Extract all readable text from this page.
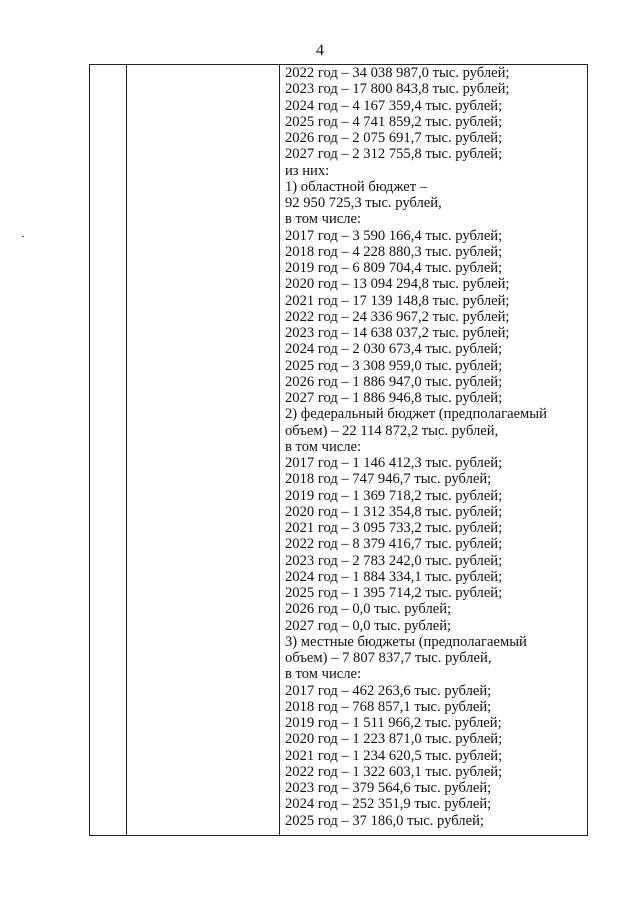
4
2022 год – 34 038 987,0 тыс. рублей;
2023 год – 17 800 843,8 тыс. рублей;
2024 год – 4 167 359,4 тыс. рублей;
2025 год – 4 741 859,2 тыс. рублей;
2026 год – 2 075 691,7 тыс. рублей;
2027 год – 2 312 755,8 тыс. рублей;
из них:
1) областной бюджет –
92 950 725,3 тыс. рублей,
в том числе:
2017 год – 3 590 166,4 тыс. рублей;
2018 год – 4 228 880,3 тыс. рублей;
2019 год – 6 809 704,4 тыс. рублей;
2020 год – 13 094 294,8 тыс. рублей;
2021 год – 17 139 148,8 тыс. рублей;
2022 год – 24 336 967,2 тыс. рублей;
2023 год – 14 638 037,2 тыс. рублей;
2024 год – 2 030 673,4 тыс. рублей;
2025 год – 3 308 959,0 тыс. рублей;
2026 год – 1 886 947,0 тыс. рублей;
2027 год – 1 886 946,8 тыс. рублей;
2) федеральный бюджет (предполагаемый
объем) – 22 114 872,2 тыс. рублей,
в том числе:
2017 год – 1 146 412,3 тыс. рублей;
2018 год – 747 946,7 тыс. рублей;
2019 год – 1 369 718,2 тыс. рублей;
2020 год – 1 312 354,8 тыс. рублей;
2021 год – 3 095 733,2 тыс. рублей;
2022 год – 8 379 416,7 тыс. рублей;
2023 год – 2 783 242,0 тыс. рублей;
2024 год – 1 884 334,1 тыс. рублей;
2025 год – 1 395 714,2 тыс. рублей;
2026 год – 0,0 тыс. рублей;
2027 год – 0,0 тыс. рублей;
3) местные бюджеты (предполагаемый
объем) – 7 807 837,7 тыс. рублей,
в том числе:
2017 год – 462 263,6 тыс. рублей;
2018 год – 768 857,1 тыс. рублей;
2019 год – 1 511 966,2 тыс. рублей;
2020 год – 1 223 871,0 тыс. рублей;
2021 год – 1 234 620,5 тыс. рублей;
2022 год – 1 322 603,1 тыс. рублей;
2023 год – 379 564,6 тыс. рублей;
2024 год – 252 351,9 тыс. рублей;
2025 год – 37 186,0 тыс. рублей;
